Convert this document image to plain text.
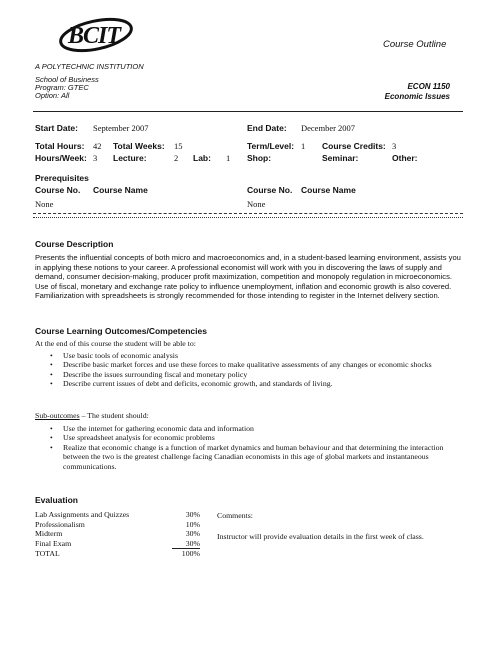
BCIT
A POLYTECHNIC INSTITUTION
Course Outline
School of Business
Program: GTEC
Option: All
ECON 1150
Economic Issues
Start Date: September 2007	End Date: December 2007
Total Hours: 42 Total Weeks: 15	Term/Level: 1 Course Credits: 3
Hours/Week: 3 Lecture:	2 Lab: 1 Shop:	Seminar:	Other:
Prerequisites
Course No. Course Name	Course No. Course Name
None	None
Course Description
Presents the influential concepts of both micro and macroeconomics and, in a student-based learning environment, assists you in applying these notions to your career. A professional economist will work with you in discovering the laws of supply and demand, consumer decision-making, producer profit maximization, competition and monopoly regulation in microeconomics. Use of fiscal, monetary and exchange rate policy to influence unemployment, inflation and economic growth is also covered. Familiarization with spreadsheets is strongly recommended for those intending to register in the Internet delivery section.
Course Learning Outcomes/Competencies
At the end of this course the student will be able to:
• Use basic tools of economic analysis
• Describe basic market forces and use these forces to make qualitative assessments of any changes or economic shocks
• Describe the issues surrounding fiscal and monetary policy
• Describe current issues of debt and deficits, economic growth, and standards of living.
Sub-outcomes – The student should:
• Use the internet for gathering economic data and information
• Use spreadsheet analysis for economic problems
• Realize that economic change is a function of market dynamics and human behaviour and that determining the interaction between the two is the greatest challenge facing Canadian economists in this age of global markets and instantaneous communications.
Evaluation
Lab Assignments and Quizzes	30%
Professionalism	10%
Midterm	30%
Final Exam	30%
TOTAL	100%
Comments:
Instructor will provide evaluation details in the first week of class.
